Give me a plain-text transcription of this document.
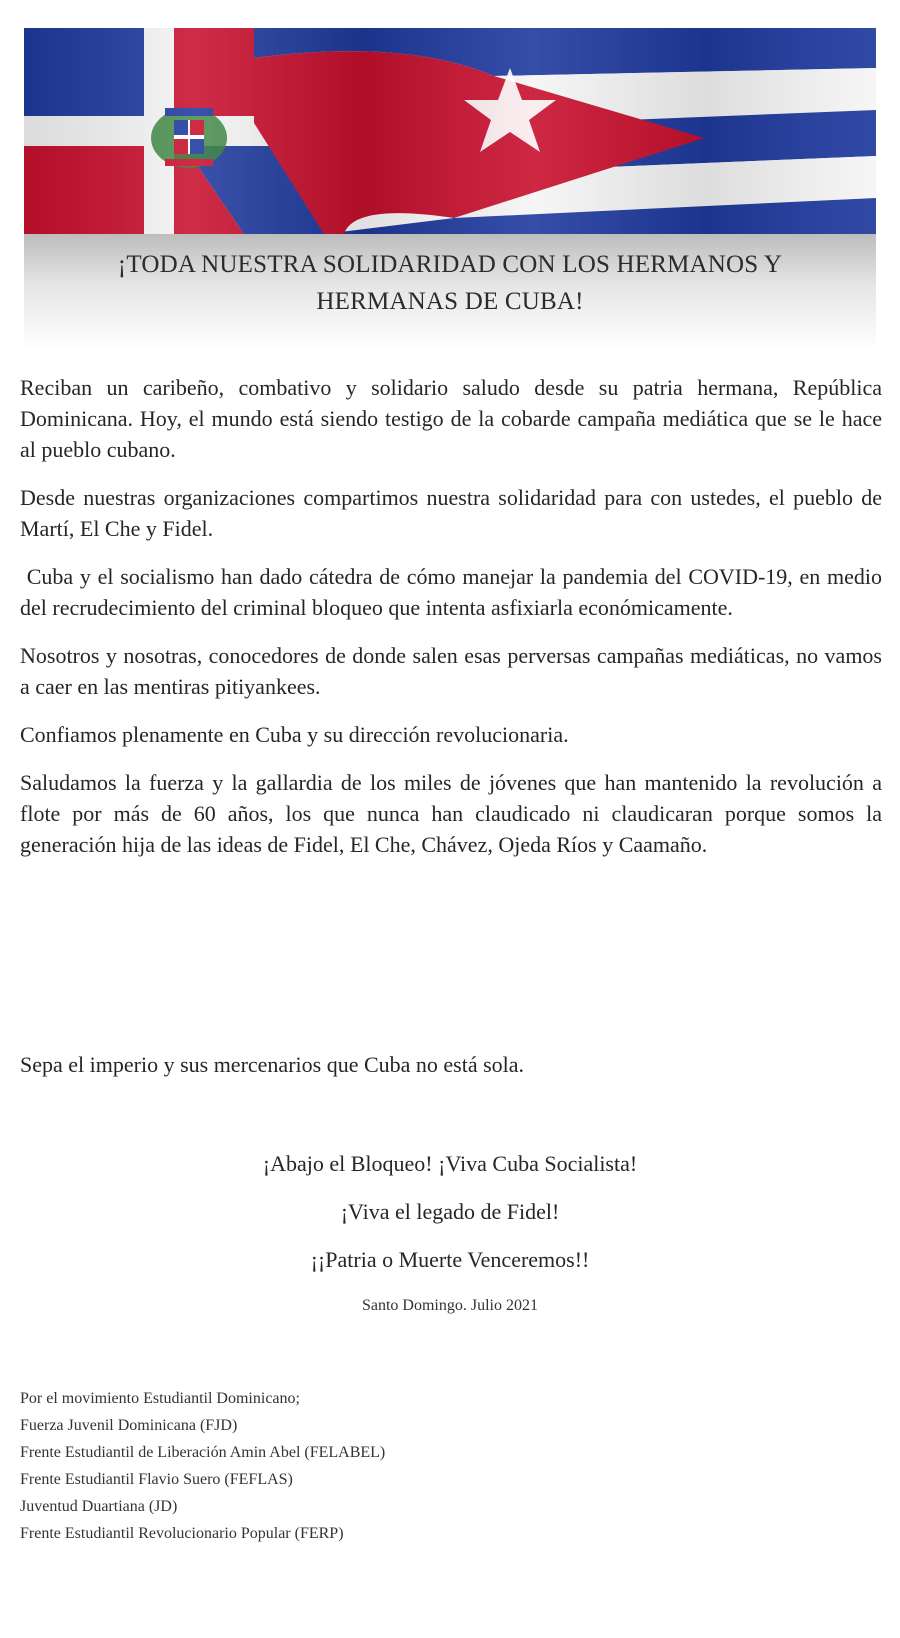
¡TODA NUESTRA SOLIDARIDAD CON LOS HERMANOS Y
HERMANAS DE CUBA!

Reciban un caribeño, combativo y solidario saludo desde su patria hermana, República Dominicana. Hoy, el mundo está siendo testigo de la cobarde campaña mediática que se le hace al pueblo cubano.

Desde nuestras organizaciones compartimos nuestra solidaridad para con ustedes, el pueblo de Martí, El Che y Fidel.

Cuba y el socialismo han dado cátedra de cómo manejar la pandemia del COVID-19, en medio del recrudecimiento del criminal bloqueo que intenta asfixiarla económicamente.

Nosotros y nosotras, conocedores de donde salen esas perversas campañas mediáticas, no vamos a caer en las mentiras pitiyankees.

Confiamos plenamente en Cuba y su dirección revolucionaria.

Saludamos la fuerza y la gallardia de los miles de jóvenes que han mantenido la revolución a flote por más de 60 años, los que nunca han claudicado ni claudicaran porque somos la generación hija de las ideas de Fidel, El Che, Chávez, Ojeda Ríos y Caamaño.

Sepa el imperio y sus mercenarios que Cuba no está sola.
¡Abajo el Bloqueo! ¡Viva Cuba Socialista!
¡Viva el legado de Fidel!
¡¡Patria o Muerte Venceremos!!
Santo Domingo. Julio 2021
Por el movimiento Estudiantil Dominicano;
Fuerza Juvenil Dominicana (FJD)
Frente Estudiantil de Liberación Amin Abel (FELABEL)
Frente Estudiantil Flavio Suero (FEFLAS)
Juventud Duartiana (JD)
Frente Estudiantil Revolucionario Popular (FERP)
